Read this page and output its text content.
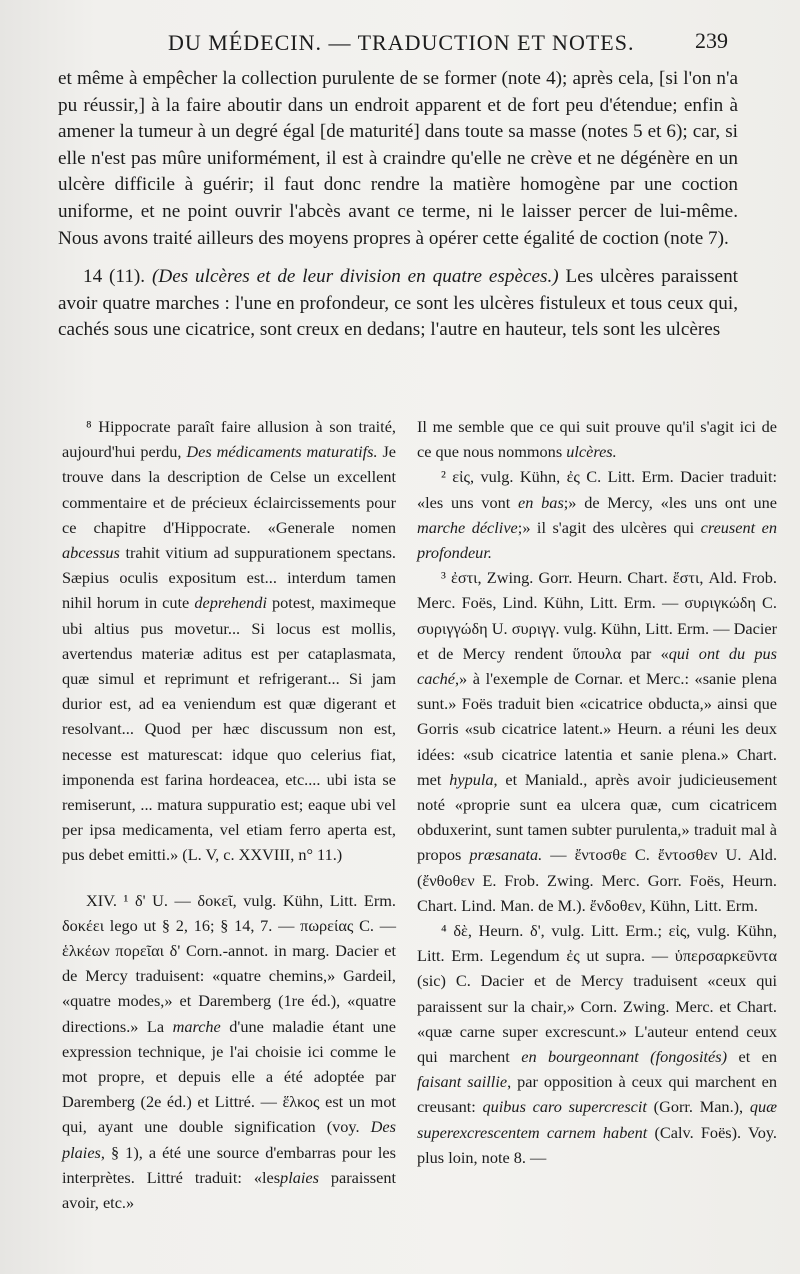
DU MÉDECIN. — TRADUCTION ET NOTES.	239

et même à empêcher la collection purulente de se former (note 4); après cela, [si l'on n'a pu réussir,] à la faire aboutir dans un endroit apparent et de fort peu d'étendue; enfin à amener la tumeur à un degré égal [de maturité] dans toute sa masse (notes 5 et 6); car, si elle n'est pas mûre uniformément, il est à craindre qu'elle ne crève et ne dégénère en un ulcère difficile à guérir; il faut donc rendre la matière homogène par une coction uniforme, et ne point ouvrir l'abcès avant ce terme, ni le laisser percer de lui-même. Nous avons traité ailleurs des moyens propres à opérer cette égalité de coction (note 7).

14 (11). (Des ulcères et de leur division en quatre espèces.) Les ulcères paraissent avoir quatre marches : l'une en profondeur, ce sont les ulcères fistuleux et tous ceux qui, cachés sous une cicatrice, sont creux en dedans; l'autre en hauteur, tels sont les ulcères

⁸ Hippocrate paraît faire allusion à son traité, aujourd'hui perdu, Des médicaments maturatifs. Je trouve dans la description de Celse un excellent commentaire et de précieux éclaircissements pour ce chapitre d'Hippocrate. «Generale nomen abcessus trahit vitium ad suppurationem spectans. Sæpius oculis expositum est... interdum tamen nihil horum in cute deprehendi potest, maximeque ubi altius pus movetur... Si locus est mollis, avertendus materiæ aditus est per cataplasmata, quæ simul et reprimunt et refrigerant... Si jam durior est, ad ea veniendum est quæ digerant et resolvant... Quod per hæc discussum non est, necesse est maturescat: idque quo celerius fiat, imponenda est farina hordeacea, etc.... ubi ista se remiserunt, ... matura suppuratio est; eaque ubi vel per ipsa medicamenta, vel etiam ferro aperta est, pus debet emitti.» (L. V, c. XXVIII, n° 11.)

XIV. ¹ δ' U. — δοκεῖ, vulg. Kühn, Litt. Erm. δοκέει lego ut § 2, 16; § 14, 7. — πωρείας C. — ἑλκέων πορεῖαι δ' Corn.-annot. in marg. Dacier et de Mercy traduisent: «quatre chemins,» Gardeil, «quatre modes,» et Daremberg (1re éd.), «quatre directions.» La marche d'une maladie étant une expression technique, je l'ai choisie ici comme le mot propre, et depuis elle a été adoptée par Daremberg (2e éd.) et Littré. — ἕλκος est un mot qui, ayant une double signification (voy. Des plaies, § 1), a été une source d'embarras pour les interprètes. Littré traduit: «lesplaies paraissent avoir, etc.»

Il me semble que ce qui suit prouve qu'il s'agit ici de ce que nous nommons ulcères.

² εἰς, vulg. Kühn, ἐς C. Litt. Erm. Dacier traduit: «les uns vont en bas;» de Mercy, «les uns ont une marche déclive;» il s'agit des ulcères qui creusent en profondeur.

³ ἐστι, Zwing. Gorr. Heurn. Chart. ἔστι, Ald. Frob. Merc. Foës, Lind. Kühn, Litt. Erm. — συριγκώδη C. συριγγώδη U. συριγγ. vulg. Kühn, Litt. Erm. — Dacier et de Mercy rendent ὕπουλα par «qui ont du pus caché,» à l'exemple de Cornar. et Merc.: «sanie plena sunt.» Foës traduit bien «cicatrice obducta,» ainsi que Gorris «sub cicatrice latent.» Heurn. a réuni les deux idées: «sub cicatrice latentia et sanie plena.» Chart. met hypula, et Maniald., après avoir judicieusement noté «proprie sunt ea ulcera quæ, cum cicatricem obduxerint, sunt tamen subter purulenta,» traduit mal à propos præsanata. — ἔντοσθε C. ἔντοσθεν U. Ald. (ἔνθοθεν E. Frob. Zwing. Merc. Gorr. Foës, Heurn. Chart. Lind. Man. de M.). ἔνδοθεν, Kühn, Litt. Erm.

⁴ δὲ, Heurn. δ', vulg. Litt. Erm.; εἰς, vulg. Kühn, Litt. Erm. Legendum ἐς ut supra. — ὑπερσαρκεῦντα (sic) C. Dacier et de Mercy traduisent «ceux qui paraissent sur la chair,» Corn. Zwing. Merc. et Chart. «quæ carne super excrescunt.» L'auteur entend ceux qui marchent en bourgeonnant (fongosités) et en faisant saillie, par opposition à ceux qui marchent en creusant: quibus caro supercrescit (Gorr. Man.), quæ superexcrescentem carnem habent (Calv. Foës). Voy. plus loin, note 8. —
